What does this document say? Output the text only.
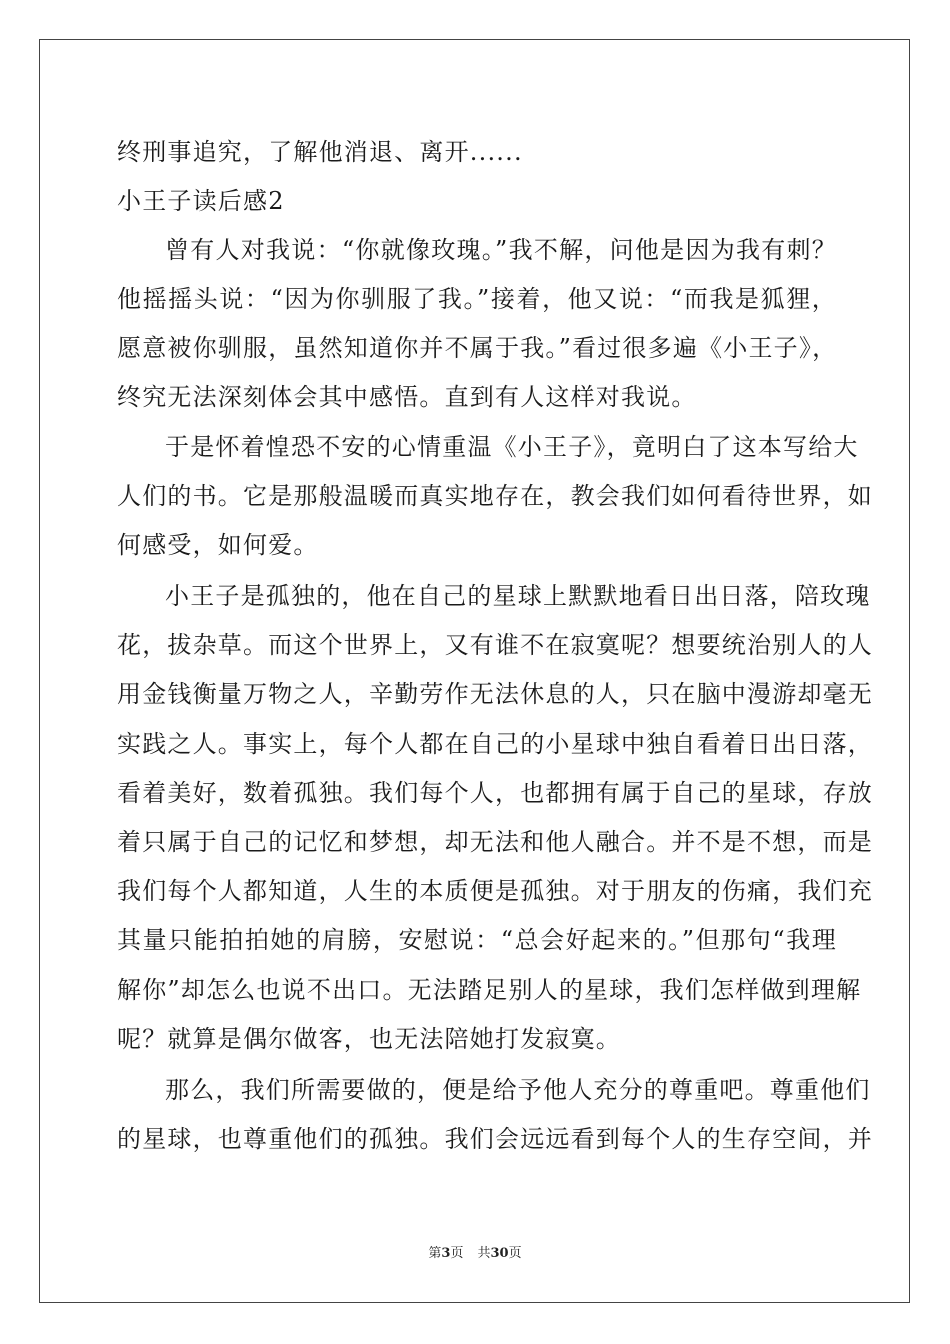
终刑事追究，了解他消退、离开......
小王子读后感2
曾有人对我说：“你就像玫瑰。”我不解，问他是因为我有刺？
他摇摇头说：“因为你驯服了我。”接着，他又说：“而我是狐狸，
愿意被你驯服，虽然知道你并不属于我。”看过很多遍《小王子》，
终究无法深刻体会其中感悟。直到有人这样对我说。
于是怀着惶恐不安的心情重温《小王子》，竟明白了这本写给大
人们的书。它是那般温暖而真实地存在，教会我们如何看待世界，如
何感受，如何爱。
小王子是孤独的，他在自己的星球上默默地看日出日落，陪玫瑰
花，拔杂草。而这个世界上，又有谁不在寂寞呢？想要统治别人的人
用金钱衡量万物之人，辛勤劳作无法休息的人，只在脑中漫游却毫无
实践之人。事实上，每个人都在自己的小星球中独自看着日出日落，
看着美好，数着孤独。我们每个人，也都拥有属于自己的星球，存放
着只属于自己的记忆和梦想，却无法和他人融合。并不是不想，而是
我们每个人都知道，人生的本质便是孤独。对于朋友的伤痛，我们充
其量只能拍拍她的肩膀，安慰说：“总会好起来的。”但那句“我理
解你”却怎么也说不出口。无法踏足别人的星球，我们怎样做到理解
呢？就算是偶尔做客，也无法陪她打发寂寞。
那么，我们所需要做的，便是给予他人充分的尊重吧。尊重他们
的星球，也尊重他们的孤独。我们会远远看到每个人的生存空间，并
第3页 共30页
